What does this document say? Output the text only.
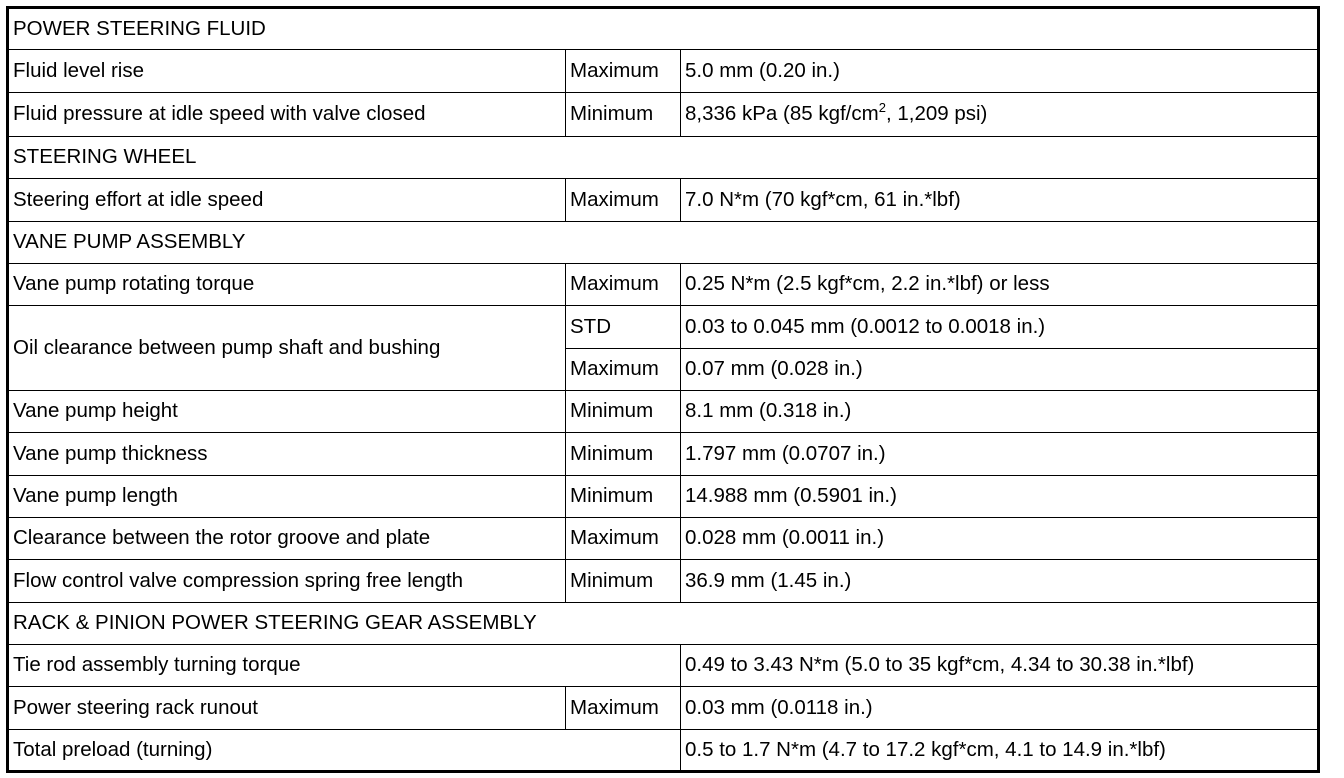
POWER STEERING FLUID		
Fluid level rise	Maximum	5.0 mm (0.20 in.)
Fluid pressure at idle speed with valve closed	Minimum	8,336 kPa (85 kgf/$cm^2$, 1,209 psi)
STEERING WHEEL		
Steering effort at idle speed	Maximum	7.0 N*m (70 kgf*cm, 61 in.*lbf)
VANE PUMP ASSEMBLY		
Vane pump rotating torque	Maximum	0.25 N*m (2.5 kgf*cm, 2.2 in.*lbf) or less
Oil clearance between pump shaft and bushing	STD	0.03 to 0.045 mm (0.0012 to 0.0018 in.)
	Maximum	0.07 mm (0.028 in.)
Vane pump height	Minimum	8.1 mm (0.318 in.)
Vane pump thickness	Minimum	1.797 mm (0.0707 in.)
Vane pump length	Minimum	14.988 mm (0.5901 in.)
Clearance between the rotor groove and plate	Maximum	0.028 mm (0.0011 in.)
Flow control valve compression spring free length	Minimum	36.9 mm (1.45 in.)
RACK & PINION POWER STEERING GEAR ASSEMBLY		
Tie rod assembly turning torque		0.49 to 3.43 N*m (5.0 to 35 kgf*cm, 4.34 to 30.38 in.*lbf)
Power steering rack runout	Maximum	0.03 mm (0.0118 in.)
Total preload (turning)		0.5 to 1.7 N*m (4.7 to 17.2 kgf*cm, 4.1 to 14.9 in.*lbf)
